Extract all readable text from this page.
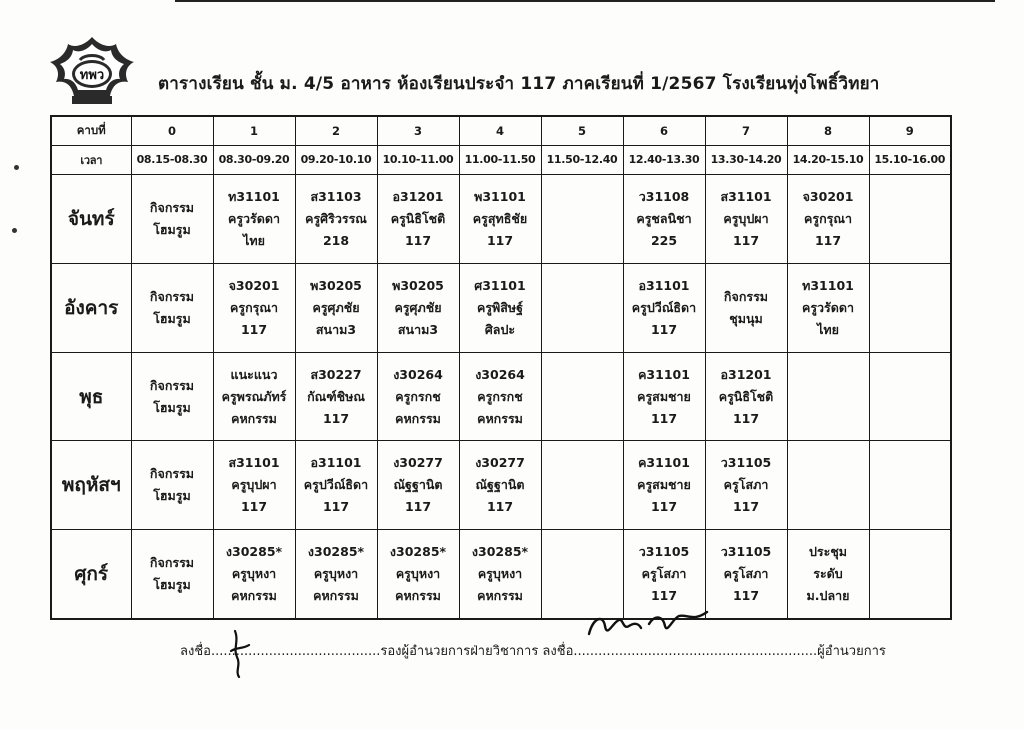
ทพว	ตารางเรียน ชั้น ม. 4/5 อาหาร ห้องเรียนประจำ 117 ภาคเรียนที่ 1/2567 โรงเรียนทุ่งโพธิ์วิทยา
คาบที่	0	1	2	3	4	5	6	7	8	9
เวลา	08.15-08.30	08.30-09.20	09.20-10.10	10.10-11.00	11.00-11.50	11.50-12.40	12.40-13.30	13.30-14.20	14.20-15.10	15.10-16.00
จันทร์	กิจกรรม
โฮมรูม	ท31101
ครูวรัดดา
ไทย	ส31103
ครูศิริวรรณ
218	อ31201
ครูนิธิโชติ
117	พ31101
ครูสุทธิชัย
117		ว31108
ครูชลนิชา
225	ส31101
ครูบุปผา
117	จ30201
ครูกรุณา
117	

อังคาร	กิจกรรม
โฮมรูม	จ30201
ครูกรุณา
117	พ30205
ครูศุภชัย
สนาม3	พ30205
ครูศุภชัย
สนาม3	ศ31101
ครูพิสิษฐ์
ศิลปะ		อ31101
ครูปวีณ์ธิดา
117	กิจกรรม
ชุมนุม	ท31101
ครูวรัดดา
ไทย	

พุธ	กิจกรรม
โฮมรูม	แนะแนว
ครูพรณภัทร์
คหกรรม	ส30227
กัณฑ์ชิษณ
117	ง30264
ครูกรกช
คหกรรม	ง30264
ครูกรกช
คหกรรม		ค31101
ครูสมชาย
117	อ31201
ครูนิธิโชติ
117		

พฤหัสฯ	กิจกรรม
โฮมรูม	ส31101
ครูบุปผา
117	อ31101
ครูปวีณ์ธิดา
117	ง30277
ณัฐฐานิต
117	ง30277
ณัฐฐานิต
117		ค31101
ครูสมชาย
117	ว31105
ครูโสภา
117		

ศุกร์	กิจกรรม
โฮมรูม	ง30285*
ครูบุหงา
คหกรรม	ง30285*
ครูบุหงา
คหกรรม	ง30285*
ครูบุหงา
คหกรรม	ง30285*
ครูบุหงา
คหกรรม		ว31105
ครูโสภา
117	ว31105
ครูโสภา
117	ประชุม
ระดับ
ม.ปลาย	

ลงชื่อ.........................................รองผู้อำนวยการฝ่ายวิชาการ ลงชื่อ...........................................................ผู้อำนวยการ
